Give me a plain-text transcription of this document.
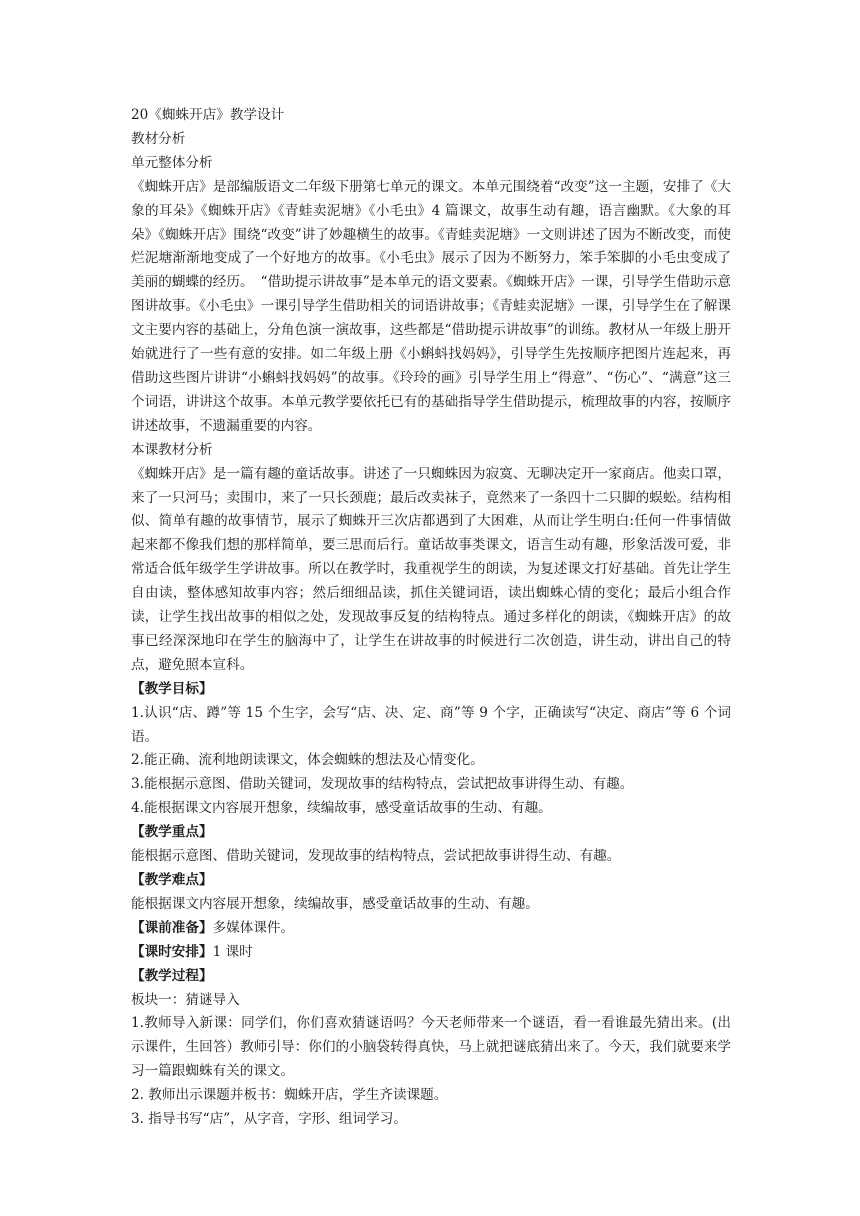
20《蜘蛛开店》教学设计

教材分析

单元整体分析

《蜘蛛开店》是部编版语文二年级下册第七单元的课文。本单元围绕着“改变”这一主题，安排了《大象的耳朵》《蜘蛛开店》《青蛙卖泥塘》《小毛虫》4 篇课文，故事生动有趣，语言幽默。《大象的耳朵》《蜘蛛开店》围绕“改变”讲了妙趣横生的故事。《青蛙卖泥塘》一文则讲述了因为不断改变，而使烂泥塘渐渐地变成了一个好地方的故事。《小毛虫》展示了因为不断努力，笨手笨脚的小毛虫变成了美丽的蝴蝶的经历。　“借助提示讲故事”是本单元的语文要素。《蜘蛛开店》一课，引导学生借助示意图讲故事。《小毛虫》一课引导学生借助相关的词语讲故事；《青蛙卖泥塘》一课，引导学生在了解课文主要内容的基础上，分角色演一演故事，这些都是“借助提示讲故事”的训练。教材从一年级上册开始就进行了一些有意的安排。如二年级上册《小蝌蚪找妈妈》，引导学生先按顺序把图片连起来，再借助这些图片讲讲“小蝌蚪找妈妈”的故事。《玲玲的画》引导学生用上“得意”、“伤心”、“满意”这三个词语，讲讲这个故事。本单元教学要依托已有的基础指导学生借助提示，梳理故事的内容，按顺序讲述故事，不遗漏重要的内容。

本课教材分析

《蜘蛛开店》是一篇有趣的童话故事。讲述了一只蜘蛛因为寂寞、无聊决定开一家商店。他卖口罩，来了一只河马；卖围巾，来了一只长颈鹿；最后改卖袜子，竟然来了一条四十二只脚的蜈蚣。结构相似、简单有趣的故事情节，展示了蜘蛛开三次店都遇到了大困难，从而让学生明白:任何一件事情做起来都不像我们想的那样简单，要三思而后行。童话故事类课文，语言生动有趣，形象活泼可爱，非常适合低年级学生学讲故事。所以在教学时，我重视学生的朗读，为复述课文打好基础。首先让学生自由读，整体感知故事内容；然后细细品读，抓住关键词语，读出蜘蛛心情的变化；最后小组合作读，让学生找出故事的相似之处，发现故事反复的结构特点。通过多样化的朗读，《蜘蛛开店》的故事已经深深地印在学生的脑海中了，让学生在讲故事的时候进行二次创造，讲生动，讲出自己的特点，避免照本宣科。

【教学目标】

1.认识“店、蹲”等 15 个生字，会写“店、决、定、商”等 9 个字，正确读写“决定、商店”等 6 个词语。

2.能正确、流利地朗读课文，体会蜘蛛的想法及心情变化。

3.能根据示意图、借助关键词，发现故事的结构特点，尝试把故事讲得生动、有趣。

4.能根据课文内容展开想象，续编故事，感受童话故事的生动、有趣。

【教学重点】

能根据示意图、借助关键词，发现故事的结构特点，尝试把故事讲得生动、有趣。

【教学难点】

能根据课文内容展开想象，续编故事，感受童话故事的生动、有趣。

【课前准备】多媒体课件。

【课时安排】1 课时

【教学过程】

板块一：猜谜导入

1.教师导入新课：同学们，你们喜欢猜谜语吗？今天老师带来一个谜语，看一看谁最先猜出来。(出示课件，生回答）教师引导：你们的小脑袋转得真快，马上就把谜底猜出来了。今天，我们就要来学习一篇跟蜘蛛有关的课文。

2. 教师出示课题并板书：蜘蛛开店，学生齐读课题。

3. 指导书写“店”，从字音，字形、组词学习。
